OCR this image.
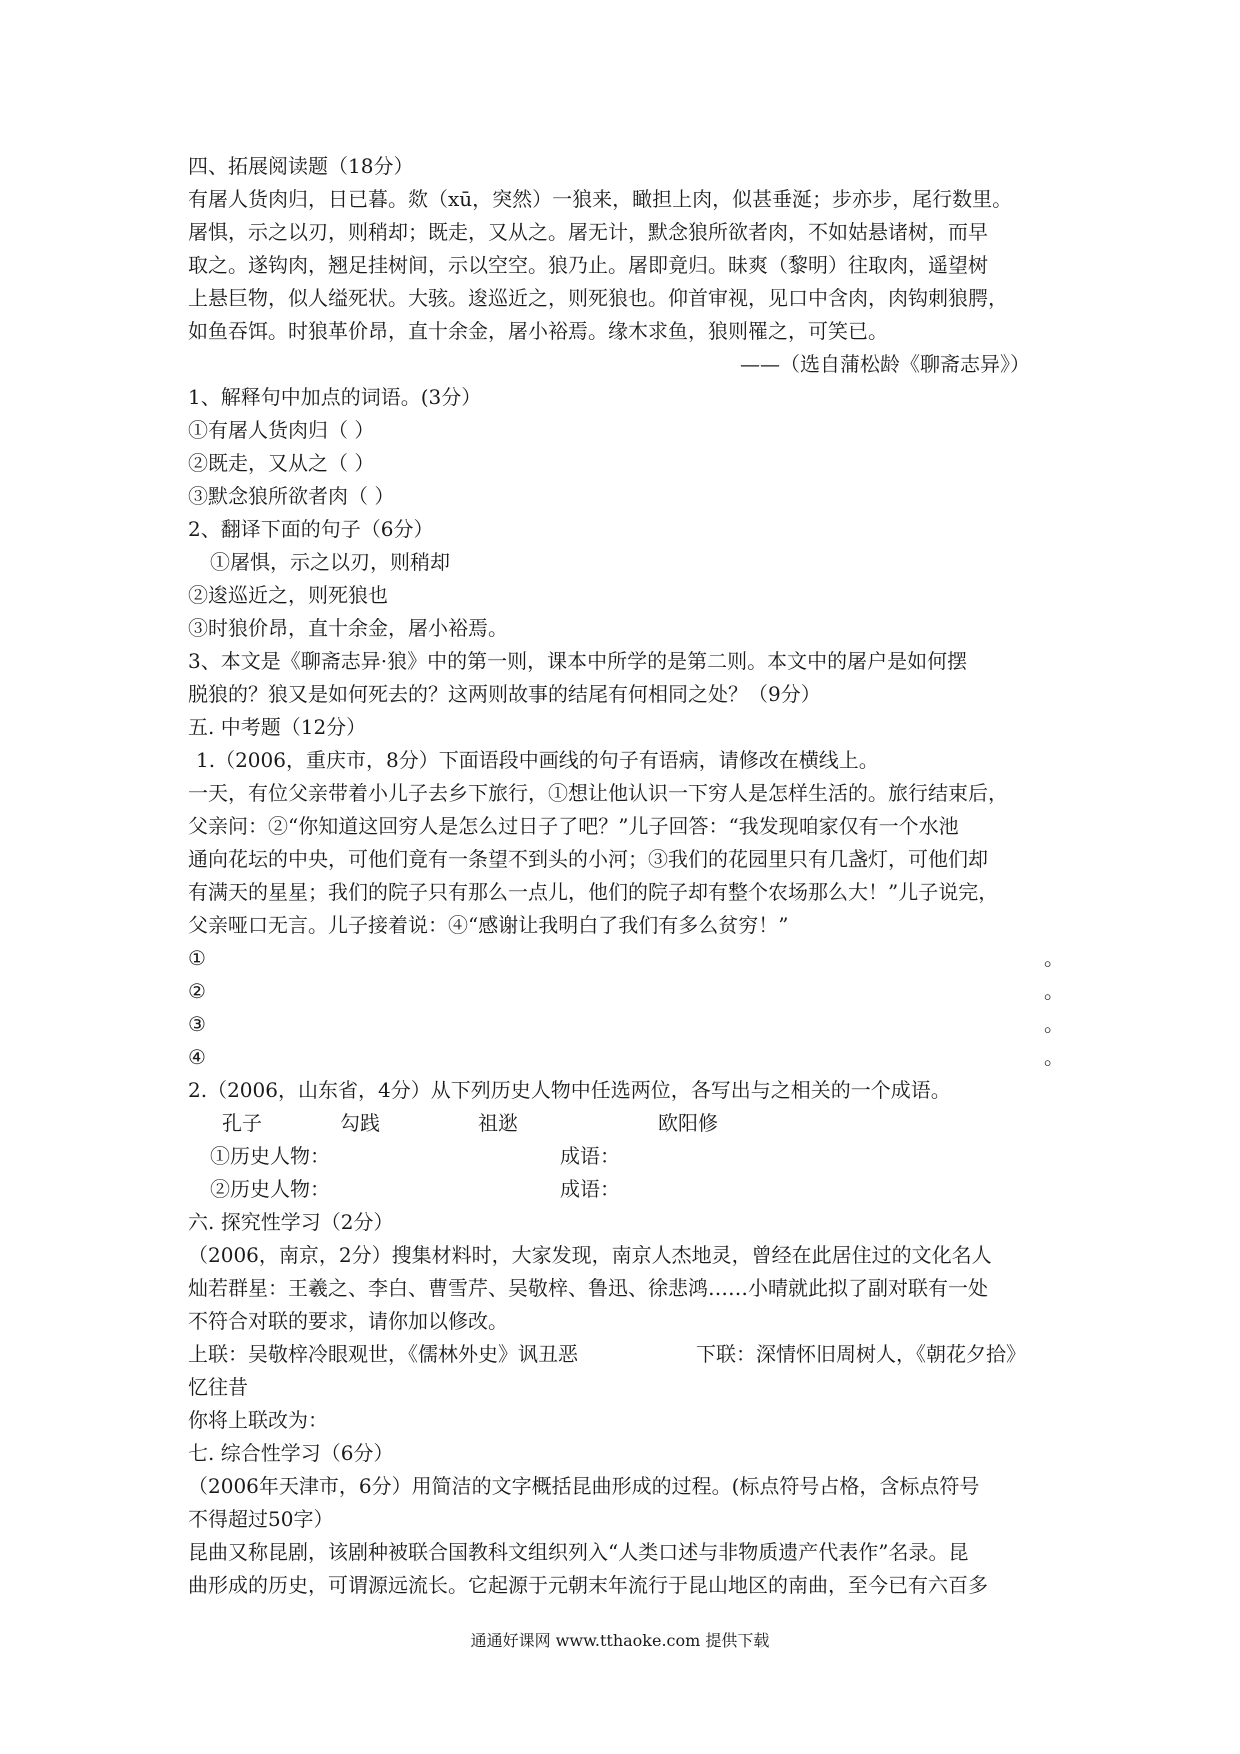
四、拓展阅读题（18分）
有屠人货肉归，日已暮。欻（xū，突然）一狼来，瞰担上肉，似甚垂涎；步亦步，尾行数里。
屠惧，示之以刃，则稍却；既走，又从之。屠无计，默念狼所欲者肉，不如姑悬诸树，而早
取之。遂钩肉，翘足挂树间，示以空空。狼乃止。屠即竟归。昧爽（黎明）往取肉，遥望树
上悬巨物，似人缢死状。大骇。逡巡近之，则死狼也。仰首审视，见口中含肉，肉钩刺狼腭，
如鱼吞饵。时狼革价昂，直十余金，屠小裕焉。缘木求鱼，狼则罹之，可笑已。
——（选自蒲松龄《聊斋志异》）
1、解释句中加点的词语。(3分）
①有屠人货肉归（ ）
②既走，又从之（ ）
③默念狼所欲者肉（ ）
2、翻译下面的句子（6分）
①屠惧，示之以刃，则稍却
②逡巡近之，则死狼也
③时狼价昂，直十余金，屠小裕焉。
3、本文是《聊斋志异·狼》中的第一则，课本中所学的是第二则。本文中的屠户是如何摆
脱狼的？狼又是如何死去的？这两则故事的结尾有何相同之处？（9分）
五. 中考题（12分）
1.（2006，重庆市，8分）下面语段中画线的句子有语病，请修改在横线上。
一天，有位父亲带着小儿子去乡下旅行，①想让他认识一下穷人是怎样生活的。旅行结束后，
父亲问：②“你知道这回穷人是怎么过日子了吧？”儿子回答：“我发现咱家仅有一个水池
通向花坛的中央，可他们竟有一条望不到头的小河；③我们的花园里只有几盏灯，可他们却
有满天的星星；我们的院子只有那么一点儿，他们的院子却有整个农场那么大！”儿子说完，
父亲哑口无言。儿子接着说：④“感谢让我明白了我们有多么贫穷！”
①	。
②	。
③	。
④	。
2.（2006，山东省，4分）从下列历史人物中任选两位，各写出与之相关的一个成语。
孔子	勾践	祖逖	欧阳修
①历史人物：	成语：
②历史人物：	成语：
六. 探究性学习（2分）
（2006，南京，2分）搜集材料时，大家发现，南京人杰地灵，曾经在此居住过的文化名人
灿若群星：王羲之、李白、曹雪芹、吴敬梓、鲁迅、徐悲鸿……小晴就此拟了副对联有一处
不符合对联的要求，请你加以修改。
上联：吴敬梓冷眼观世，《儒林外史》讽丑恶	下联：深情怀旧周树人，《朝花夕拾》
忆往昔
你将上联改为：
七. 综合性学习（6分）
（2006年天津市，6分）用简洁的文字概括昆曲形成的过程。(标点符号占格，含标点符号
不得超过50字）
昆曲又称昆剧，该剧种被联合国教科文组织列入“人类口述与非物质遗产代表作”名录。昆
曲形成的历史，可谓源远流长。它起源于元朝末年流行于昆山地区的南曲，至今已有六百多
通通好课网 www.tthaoke.com 提供下载
